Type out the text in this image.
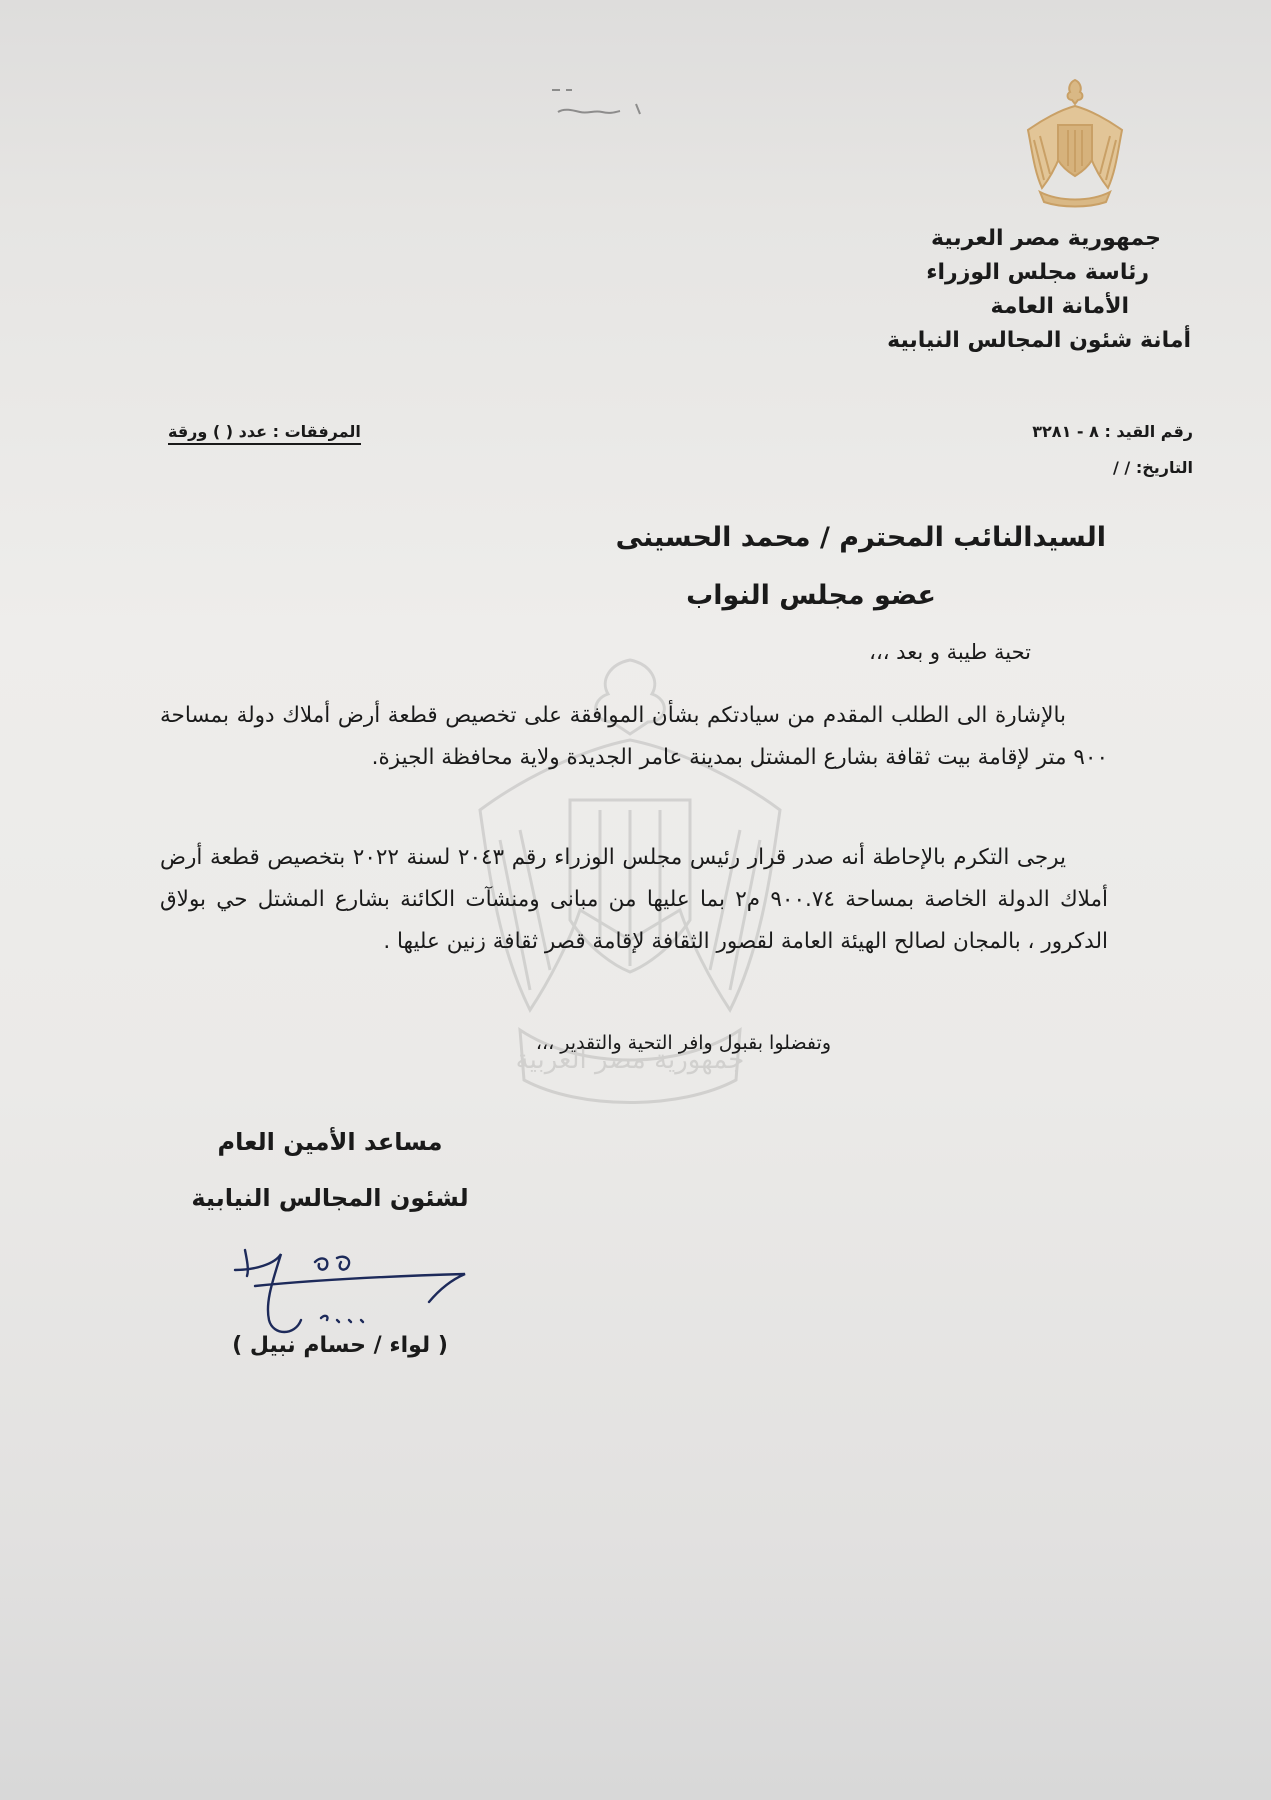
جمهورية مصر العربية
جمهورية مصر العربية
رئاسة مجلس الوزراء
الأمانة العامة
أمانة شئون المجالس النيابية
رقم القيد : ٨ - ٣٢٨١
التاريخ: / /
المرفقات : عدد ( ) ورقة
السيدالنائب المحترم / محمد الحسينى
عضو مجلس النواب
تحية طيبة و بعد ،،،
بالإشارة الى الطلب المقدم من سيادتكم بشأن الموافقة على تخصيص قطعة أرض أملاك دولة بمساحة ٩٠٠ متر لإقامة بيت ثقافة بشارع المشتل بمدينة عامر الجديدة ولاية محافظة الجيزة.
يرجى التكرم بالإحاطة أنه صدر قرار رئيس مجلس الوزراء رقم ٢٠٤٣ لسنة ٢٠٢٢ بتخصيص قطعة أرض أملاك الدولة الخاصة بمساحة ٩٠٠.٧٤ م٢ بما عليها من مبانى ومنشآت الكائنة بشارع المشتل حي بولاق الدكرور ، بالمجان لصالح الهيئة العامة لقصور الثقافة لإقامة قصر ثقافة زنين عليها .
وتفضلوا بقبول وافر التحية والتقدير ،،،
مساعد الأمين العام
لشئون المجالس النيابية
( لواء / حسام نبيل )
